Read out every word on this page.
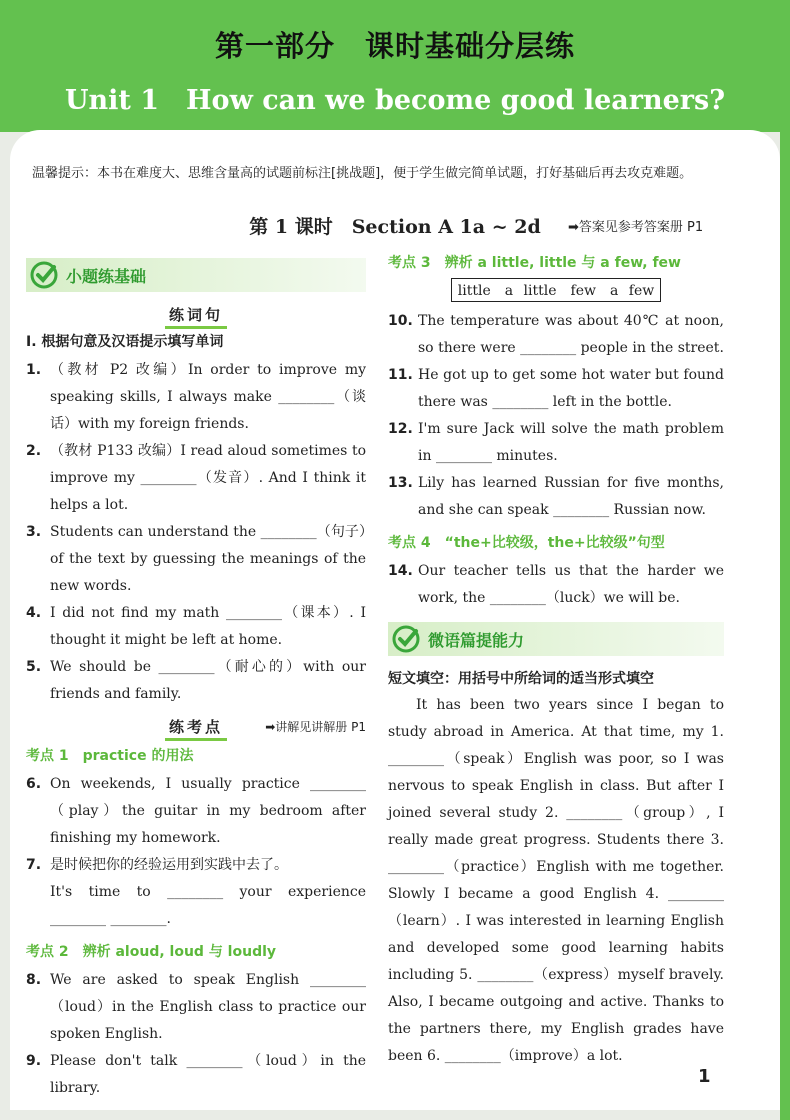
第一部分　课时基础分层练
Unit 1　How can we become good learners?
温馨提示：本书在难度大、思维含量高的试题前标注[挑战题]，便于学生做完简单试题，打好基础后再去攻克难题。
第 1 课时　Section A 1a ~ 2d	➡答案见参考答案册 P1
小题练基础
练词句
Ⅰ. 根据句意及汉语提示填写单词
1. （教材 P2 改编）In order to improve my speaking skills, I always make ________（谈话）with my foreign friends.
2. （教材 P133 改编）I read aloud sometimes to improve my ________（发音）. And I think it helps a lot.
3. Students can understand the ________（句子）of the text by guessing the meanings of the new words.
4. I did not find my math ________（课本）. I thought it might be left at home.
5. We should be ________（耐心的）with our friends and family.
练考点	➡讲解见讲解册 P1
考点 1　practice 的用法
6. On weekends, I usually practice ________（play）the guitar in my bedroom after finishing my homework.
7. 是时候把你的经验运用到实践中去了。
It's time to ________ your experience ________ ________.
考点 2　辨析 aloud, loud 与 loudly
8. We are asked to speak English ________（loud）in the English class to practice our spoken English.
9. Please don't talk ________（loud）in the library.
考点 3　辨析 a little, little 与 a few, few
little　a little　few　a few
10. The temperature was about 40℃ at noon, so there were ________ people in the street.
11. He got up to get some hot water but found there was ________ left in the bottle.
12. I'm sure Jack will solve the math problem in ________ minutes.
13. Lily has learned Russian for five months, and she can speak ________ Russian now.
考点 4　“the+比较级，the+比较级”句型
14. Our teacher tells us that the harder we work, the ________（luck）we will be.
微语篇提能力
短文填空：用括号中所给词的适当形式填空
It has been two years since I began to study abroad in America. At that time, my 1. ________（speak）English was poor, so I was nervous to speak English in class. But after I joined several study 2. ________（group）, I really made great progress. Students there 3. ________（practice）English with me together. Slowly I became a good English 4. ________（learn）. I was interested in learning English and developed some good learning habits including 5. ________（express）myself bravely. Also, I became outgoing and active. Thanks to the partners there, my English grades have been 6. ________（improve）a lot.
1
